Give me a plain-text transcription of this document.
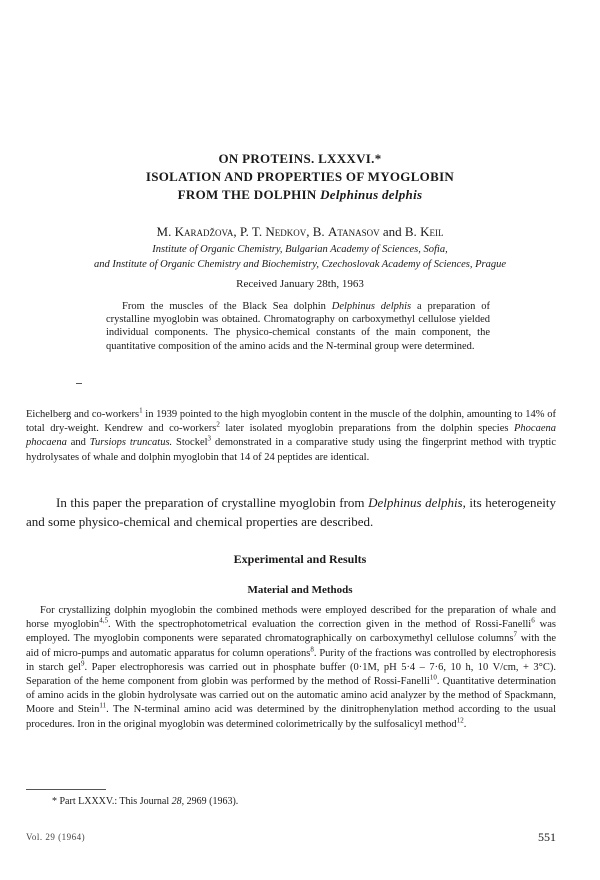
ON PROTEINS. LXXXVI.*
ISOLATION AND PROPERTIES OF MYOGLOBIN
FROM THE DOLPHIN Delphinus delphis

M. Karadžova, P. T. Nedkov, B. Atanasov and B. Keil

Institute of Organic Chemistry, Bulgarian Academy of Sciences, Sofia,

and Institute of Organic Chemistry and Biochemistry, Czechoslovak Academy of Sciences, Prague

Received January 28th, 1963

From the muscles of the Black Sea dolphin Delphinus delphis a preparation of crystalline myoglobin was obtained. Chromatography on carboxymethyl cellulose yielded individual components. The physico-chemical constants of the main component, the quantitative composition of the amino acids and the N-terminal group were determined.

Eichelberg and co-workers$^1$ in 1939 pointed to the high myoglobin content in the muscle of the dolphin, amounting to 14% of total dry-weight. Kendrew and co-workers$^2$ later isolated myoglobin preparations from the dolphin species Phocaena phocaena and Tursiops truncatus. Stockel$^3$ demonstrated in a comparative study using the fingerprint method with tryptic hydrolysates of whale and dolphin myoglobin that 14 of 24 peptides are identical.

In this paper the preparation of crystalline myoglobin from Delphinus delphis, its heterogeneity and some physico-chemical and chemical properties are described.

Experimental and Results
Material and Methods

For crystallizing dolphin myoglobin the combined methods were employed described for the preparation of whale and horse myoglobin$^{4,5}$. With the spectrophotometrical evaluation the correction given in the method of Rossi-Fanelli$^6$ was employed. The myoglobin components were separated chromatographically on carboxymethyl cellulose columns$^7$ with the aid of micro-pumps and automatic apparatus for column operations$^8$. Purity of the fractions was controlled by electrophoresis in starch gel$^9$. Paper electrophoresis was carried out in phosphate buffer (0·1M, pH 5·4 – 7·6, 10 h, 10 V/cm, + 3°C). Separation of the heme component from globin was performed by the method of Rossi-Fanelli$^{10}$. Quantitative determination of amino acids in the globin hydrolysate was carried out on the automatic amino acid analyzer by the method of Spackmann, Moore and Stein$^{11}$. The N-terminal amino acid was determined by the dinitrophenylation method according to the usual procedures. Iron in the original myoglobin was determined colorimetrically by the sulfosalicyl method$^{12}$.

* Part LXXXV.: This Journal 28, 2969 (1963).

Vol. 29 (1964)	551
